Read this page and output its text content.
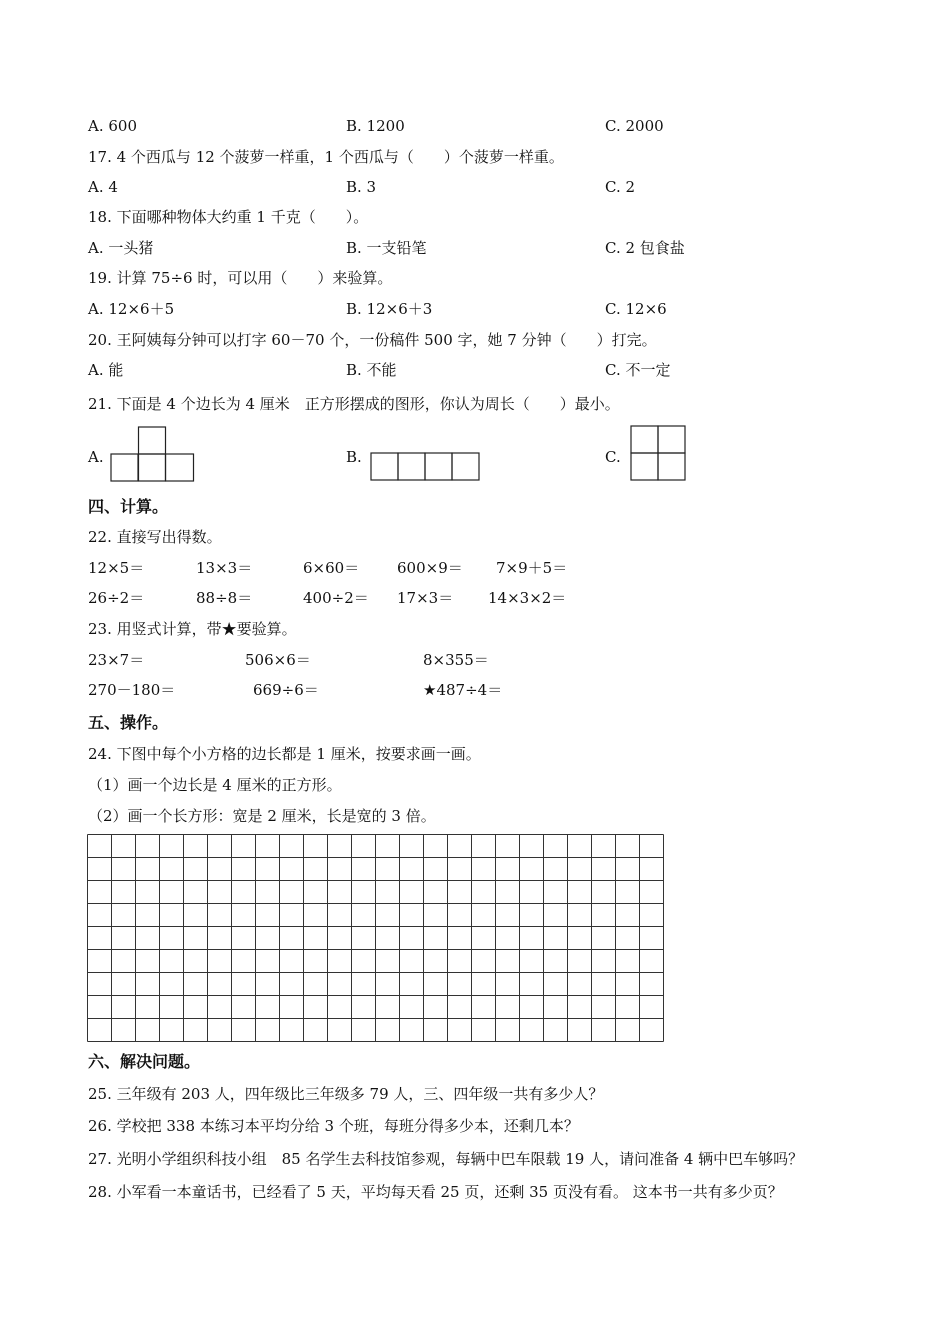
A. 600	B. 1200	C. 2000
17. 4 个西瓜与 12 个菠萝一样重，1 个西瓜与（　　）个菠萝一样重。
A. 4	B. 3	C. 2
18. 下面哪种物体大约重 1 千克（　　）。
A. 一头猪	B. 一支铅笔	C. 2 包食盐
19. 计算 75÷6 时，可以用（　　）来验算。
A. 12×6＋5	B. 12×6＋3	C. 12×6
20. 王阿姨每分钟可以打字 60－70 个，一份稿件 500 字，她 7 分钟（　　）打完。
A. 能	B. 不能	C. 不一定
21. 下面是 4 个边长为 4 厘米　正方形摆成的图形，你认为周长（　　）最小。
A.	B.	C.
四、计算。
22. 直接写出得数。
12×5＝	13×3＝	6×60＝	600×9＝ 7×9＋5＝
26÷2＝	88÷8＝	400÷2＝ 17×3＝ 14×3×2＝
23. 用竖式计算，带★要验算。
23×7＝	506×6＝	8×355＝
270－180＝	669÷6＝	★487÷4＝
五、操作。
24. 下图中每个小方格的边长都是 1 厘米，按要求画一画。
（1）画一个边长是 4 厘米的正方形。
（2）画一个长方形：宽是 2 厘米，长是宽的 3 倍。
六、解决问题。
25. 三年级有 203 人，四年级比三年级多 79 人，三、四年级一共有多少人？
26. 学校把 338 本练习本平均分给 3 个班，每班分得多少本，还剩几本？
27. 光明小学组织科技小组　85 名学生去科技馆参观，每辆中巴车限载 19 人，请问准备 4 辆中巴车够吗？
28. 小军看一本童话书，已经看了 5 天，平均每天看 25 页，还剩 35 页没有看。 这本书一共有多少页？
